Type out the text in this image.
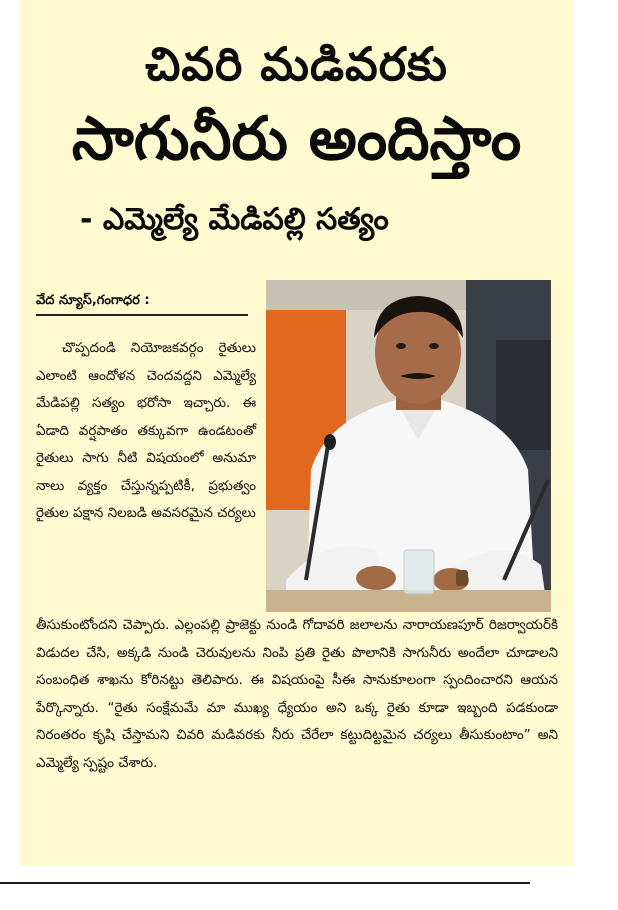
చివరి మడివరకు
సాగునీరు అందిస్తాం
- ఎమ్మెల్యే మేడిపల్లి సత్యం
వేద న్యూస్,గంగాధర :

చొప్పదండి నియోజకవర్గం రైతులు ఎలాంటి ఆందోళన చెందవద్దని ఎమ్మెల్యే మేడిపల్లి సత్యం భరోసా ఇచ్చారు. ఈ ఏడాది వర్షపాతం తక్కువగా ఉండటంతో రైతులు సాగు నీటి విషయంలో అనుమా నాలు వ్యక్తం చేస్తున్నప్పటికీ, ప్రభుత్వం రైతుల పక్షాన నిలబడి అవసరమైన చర్యలు

తీసుకుంటోందని చెప్పారు. ఎల్లంపల్లి ప్రాజెక్టు నుండి గోదావరి జలాలను నారాయణపూర్ రిజర్వాయర్‌కి విడుదల చేసి, అక్కడి నుండి చెరువులను నింపి ప్రతి రైతు పొలానికి సాగునీరు అందేలా చూడాలని సంబంధిత శాఖను కోరినట్టు తెలిపారు. ఈ విషయంపై సీఈ సానుకూలంగా స్పందించారని ఆయన పేర్కొన్నారు. “రైతు సంక్షేమమే మా ముఖ్య ధ్యేయం అని ఒక్క రైతు కూడా ఇబ్బంది పడకుండా నిరంతరం కృషి చేస్తామని చివరి మడివరకు నీరు చేరేలా కట్టుదిట్టమైన చర్యలు తీసుకుంటాం” అని ఎమ్మెల్యే స్పష్టం చేశారు.
